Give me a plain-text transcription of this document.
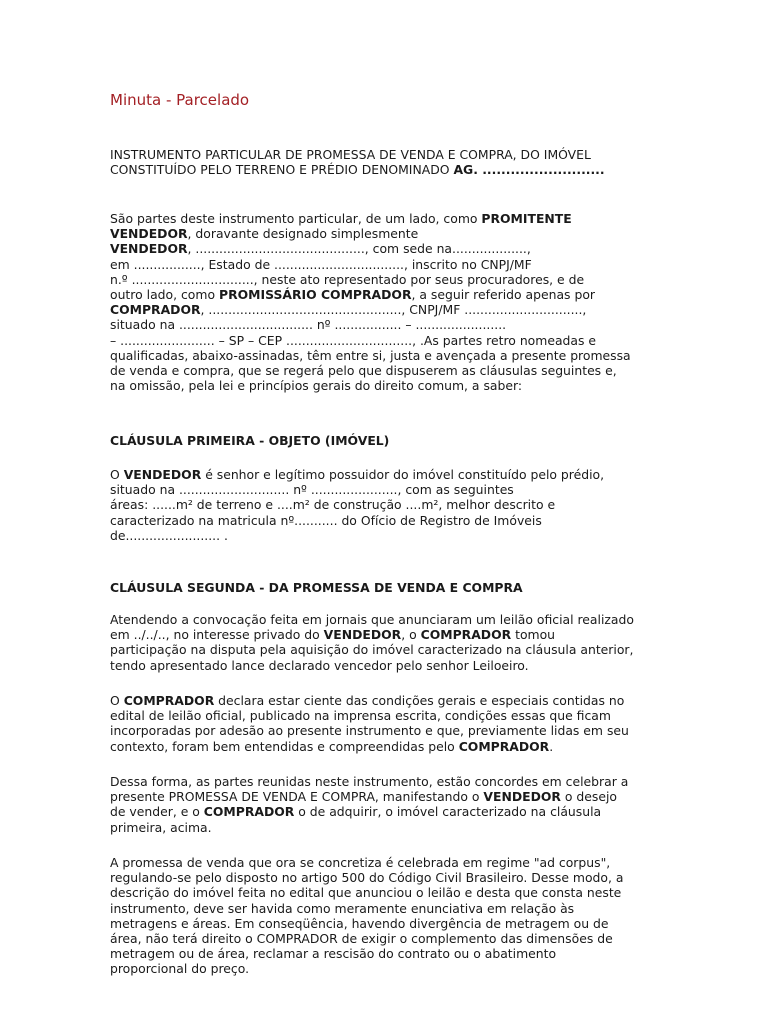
Minuta - Parcelado
INSTRUMENTO PARTICULAR DE PROMESSA DE VENDA E COMPRA, DO IMÓVEL
CONSTITUÍDO PELO TERRENO E PRÉDIO DENOMINADO AG. ..........................
São partes deste instrumento particular, de um lado, como PROMITENTE
VENDEDOR, doravante designado simplesmente
VENDEDOR, ..........................................., com sede na...................,
em ................., Estado de ................................., inscrito no CNPJ/MF
n.º ..............................., neste ato representado por seus procuradores, e de
outro lado, como PROMISSÁRIO COMPRADOR, a seguir referido apenas por
COMPRADOR, ................................................., CNPJ/MF ..............................,
situado na .................................. nº ................. – .......................
– ........................ – SP – CEP ................................, .As partes retro nomeadas e
qualificadas, abaixo-assinadas, têm entre si, justa e avençada a presente promessa
de venda e compra, que se regerá pelo que dispuserem as cláusulas seguintes e,
na omissão, pela lei e princípios gerais do direito comum, a saber:
CLÁUSULA PRIMEIRA - OBJETO (IMÓVEL)
O VENDEDOR é senhor e legítimo possuidor do imóvel constituído pelo prédio,
situado na ............................ nº ......................, com as seguintes
áreas: ......m² de terreno e ....m² de construção ....m², melhor descrito e
caracterizado na matricula nº........... do Ofício de Registro de Imóveis
de........................ .
CLÁUSULA SEGUNDA - DA PROMESSA DE VENDA E COMPRA
Atendendo a convocação feita em jornais que anunciaram um leilão oficial realizado
em ../../.., no interesse privado do VENDEDOR, o COMPRADOR tomou
participação na disputa pela aquisição do imóvel caracterizado na cláusula anterior,
tendo apresentado lance declarado vencedor pelo senhor Leiloeiro.
O COMPRADOR declara estar ciente das condições gerais e especiais contidas no
edital de leilão oficial, publicado na imprensa escrita, condições essas que ficam
incorporadas por adesão ao presente instrumento e que, previamente lidas em seu
contexto, foram bem entendidas e compreendidas pelo COMPRADOR.
Dessa forma, as partes reunidas neste instrumento, estão concordes em celebrar a
presente PROMESSA DE VENDA E COMPRA, manifestando o VENDEDOR o desejo
de vender, e o COMPRADOR o de adquirir, o imóvel caracterizado na cláusula
primeira, acima.
A promessa de venda que ora se concretiza é celebrada em regime "ad corpus",
regulando-se pelo disposto no artigo 500 do Código Civil Brasileiro. Desse modo, a
descrição do imóvel feita no edital que anunciou o leilão e desta que consta neste
instrumento, deve ser havida como meramente enunciativa em relação às
metragens e áreas. Em conseqüência, havendo divergência de metragem ou de
área, não terá direito o COMPRADOR de exigir o complemento das dimensões de
metragem ou de área, reclamar a rescisão do contrato ou o abatimento
proporcional do preço.
